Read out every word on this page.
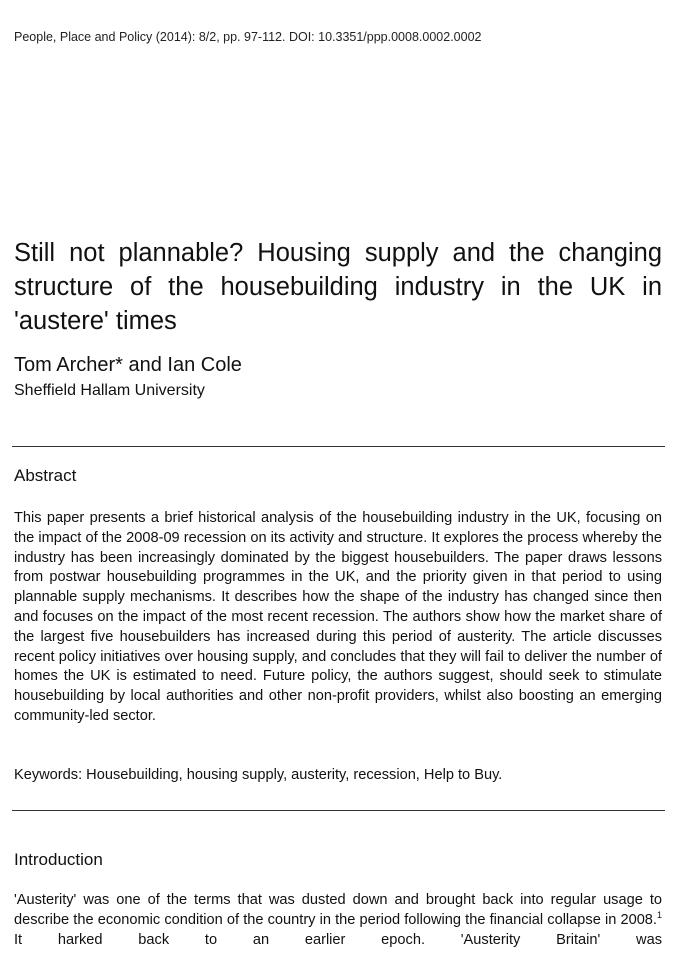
People, Place and Policy (2014): 8/2, pp. 97-112. DOI: 10.3351/ppp.0008.0002.0002
Still not plannable? Housing supply and the changing structure of the housebuilding industry in the UK in 'austere' times
Tom Archer* and Ian Cole
Sheffield Hallam University
Abstract

This paper presents a brief historical analysis of the housebuilding industry in the UK, focusing on the impact of the 2008-09 recession on its activity and structure. It explores the process whereby the industry has been increasingly dominated by the biggest housebuilders. The paper draws lessons from postwar housebuilding programmes in the UK, and the priority given in that period to using plannable supply mechanisms. It describes how the shape of the industry has changed since then and focuses on the impact of the most recent recession. The authors show how the market share of the largest five housebuilders has increased during this period of austerity. The article discusses recent policy initiatives over housing supply, and concludes that they will fail to deliver the number of homes the UK is estimated to need. Future policy, the authors suggest, should seek to stimulate housebuilding by local authorities and other non-profit providers, whilst also boosting an emerging community-led sector.

Keywords: Housebuilding, housing supply, austerity, recession, Help to Buy.
Introduction

'Austerity' was one of the terms that was dusted down and brought back into regular usage to describe the economic condition of the country in the period following the financial collapse in 2008.$^1$ It harked back to an earlier epoch. 'Austerity Britain' was
